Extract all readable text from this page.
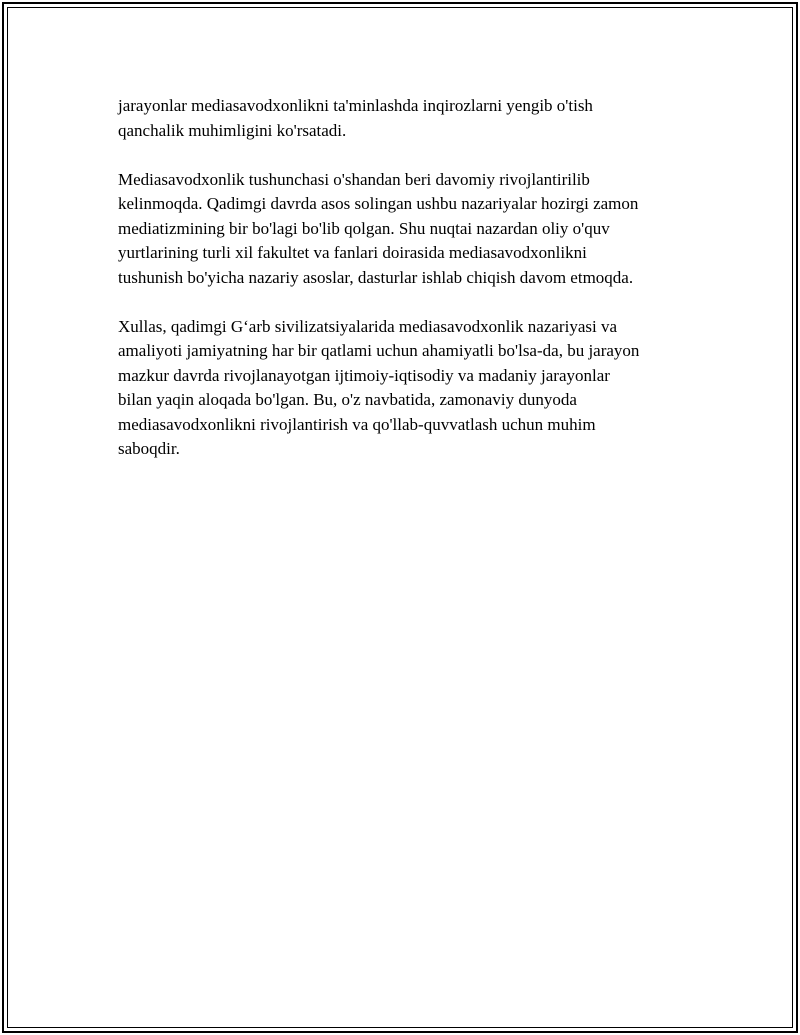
jarayonlar mediasavodxonlikni ta'minlashda inqirozlarni yengib o'tish
qanchalik muhimligini ko'rsatadi.

Mediasavodxonlik tushunchasi o'shandan beri davomiy rivojlantirilib
kelinmoqda. Qadimgi davrda asos solingan ushbu nazariyalar hozirgi zamon
mediatizmining bir bo'lagi bo'lib qolgan. Shu nuqtai nazardan oliy o'quv
yurtlarining turli xil fakultet va fanlari doirasida mediasavodxonlikni
tushunish bo'yicha nazariy asoslar, dasturlar ishlab chiqish davom etmoqda.

Xullas, qadimgi G‘arb sivilizatsiyalarida mediasavodxonlik nazariyasi va
amaliyoti jamiyatning har bir qatlami uchun ahamiyatli bo'lsa-da, bu jarayon
mazkur davrda rivojlanayotgan ijtimoiy-iqtisodiy va madaniy jarayonlar
bilan yaqin aloqada bo'lgan. Bu, o'z navbatida, zamonaviy dunyoda
mediasavodxonlikni rivojlantirish va qo'llab-quvvatlash uchun muhim
saboqdir.
